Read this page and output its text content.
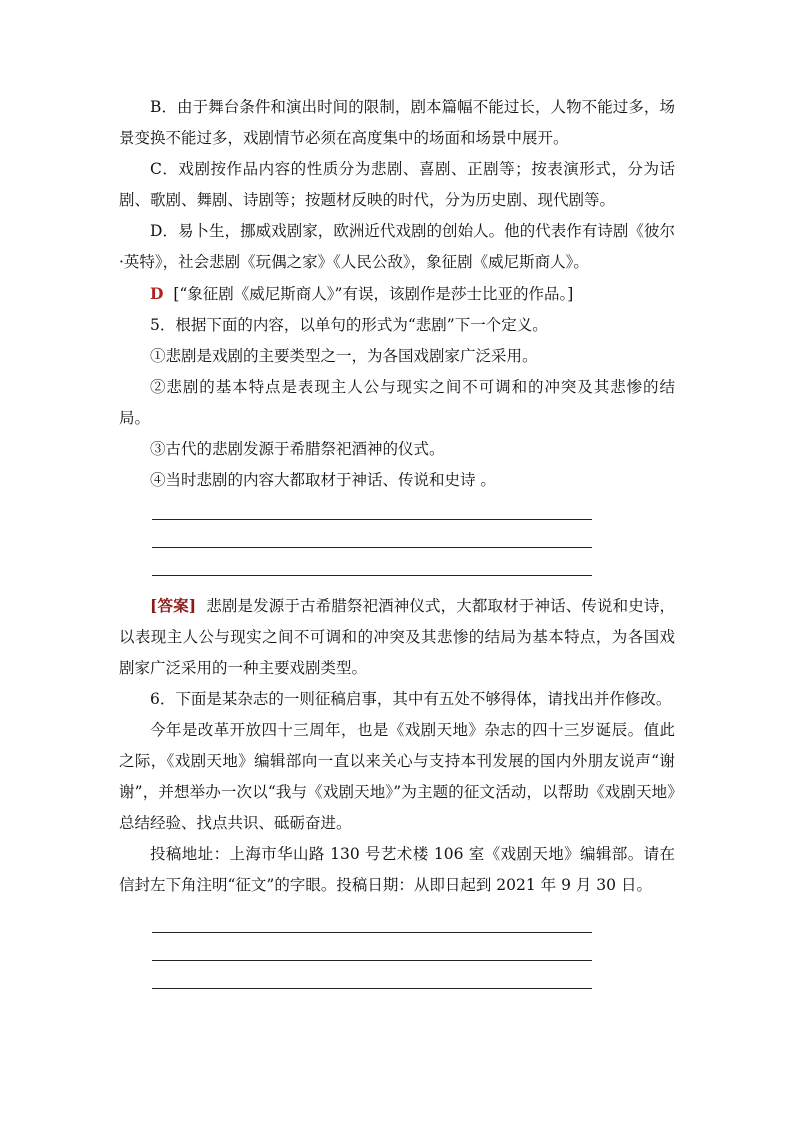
B．由于舞台条件和演出时间的限制，剧本篇幅不能过长，人物不能过多，场景变换不能过多，戏剧情节必须在高度集中的场面和场景中展开。

C．戏剧按作品内容的性质分为悲剧、喜剧、正剧等；按表演形式，分为话剧、歌剧、舞剧、诗剧等；按题材反映的时代，分为历史剧、现代剧等。

D．易卜生，挪威戏剧家，欧洲近代戏剧的创始人。他的代表作有诗剧《彼尔·英特》，社会悲剧《玩偶之家》《人民公敌》，象征剧《威尼斯商人》。

D [“象征剧《威尼斯商人》”有误，该剧作是莎士比亚的作品。]

5．根据下面的内容，以单句的形式为“悲剧”下一个定义。

①悲剧是戏剧的主要类型之一，为各国戏剧家广泛采用。

②悲剧的基本特点是表现主人公与现实之间不可调和的冲突及其悲惨的结局。

③古代的悲剧发源于希腊祭祀酒神的仪式。

④当时悲剧的内容大都取材于神话、传说和史诗 。

[答案] 悲剧是发源于古希腊祭祀酒神仪式，大都取材于神话、传说和史诗，以表现主人公与现实之间不可调和的冲突及其悲惨的结局为基本特点，为各国戏剧家广泛采用的一种主要戏剧类型。

6．下面是某杂志的一则征稿启事，其中有五处不够得体，请找出并作修改。

今年是改革开放四十三周年，也是《戏剧天地》杂志的四十三岁诞辰。值此之际，《戏剧天地》编辑部向一直以来关心与支持本刊发展的国内外朋友说声“谢谢”，并想举办一次以“我与《戏剧天地》”为主题的征文活动，以帮助《戏剧天地》总结经验、找点共识、砥砺奋进。

投稿地址：上海市华山路 130 号艺术楼 106 室《戏剧天地》编辑部。请在信封左下角注明“征文”的字眼。投稿日期：从即日起到 2021 年 9 月 30 日。
